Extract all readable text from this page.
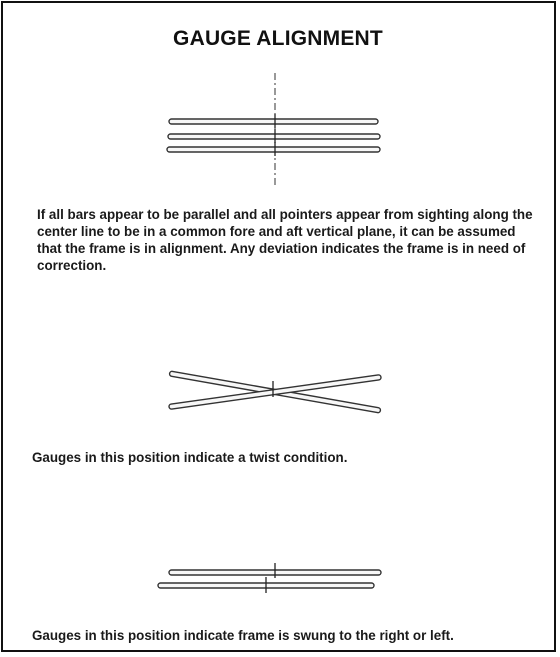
GAUGE ALIGNMENT

If all bars appear to be parallel and all pointers appear from sighting along the center line to be in a common fore and aft vertical plane, it can be assumed that the frame is in alignment. Any deviation indicates the frame is in need of correction.

Gauges in this position indicate a twist condition.

Gauges in this position indicate frame is swung to the right or left.
